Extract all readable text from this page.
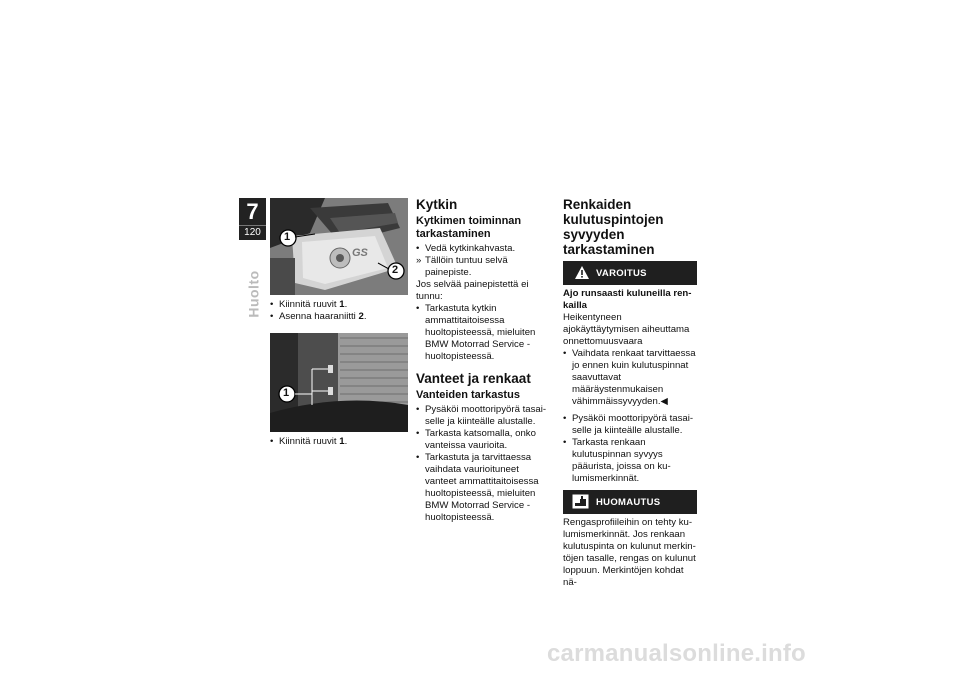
7
120
Huolto
GS
1
2

• Kiinnitä ruuvit 1.

• Asenna haaraniitti 2.

1

• Kiinnitä ruuvit 1.

Kytkin
Kytkimen toiminnan tarkastaminen

• Vedä kytkinkahvasta.

» Tällöin tuntuu selvä painepiste.

Jos selvää painepistettä ei tunnu:

• Tarkastuta kytkin ammattitaitoisessa huoltopisteessä, mieluiten BMW Motorrad Service -huoltopisteessä.

Vanteet ja renkaat
Vanteiden tarkastus

• Pysäköi moottoripyörä tasaiselle ja kiinteälle alustalle.

• Tarkasta katsomalla, onko vanteissa vaurioita.

• Tarkastuta ja tarvittaessa vaihdata vaurioituneet vanteet ammattitaitoisessa huoltopisteessä, mieluiten BMW Motorrad Service -huoltopisteessä.

Renkaiden kulutuspintojen syvyyden tarkastaminen
VAROITUS

Ajo runsaasti kuluneilla renkailla

Heikentyneen ajokäyttäytymisen aiheuttama onnettomuusvaara

• Vaihdata renkaat tarvittaessa jo ennen kuin kulutuspinnat saavuttavat määräystenmukaisen vähimmäissyvyyden.◀

• Pysäköi moottoripyörä tasaiselle ja kiinteälle alustalle.

• Tarkasta renkaan kulutuspinnan syvyys pääurista, joissa on kulumismerkinnät.

HUOMAUTUS

Rengasprofiileihin on tehty kulumismerkinnät. Jos renkaan kulutuspinta on kulunut merkintöjen tasalle, rengas on kulunut loppuun. Merkintöjen kohdat nä-

carmanualsonline.info
